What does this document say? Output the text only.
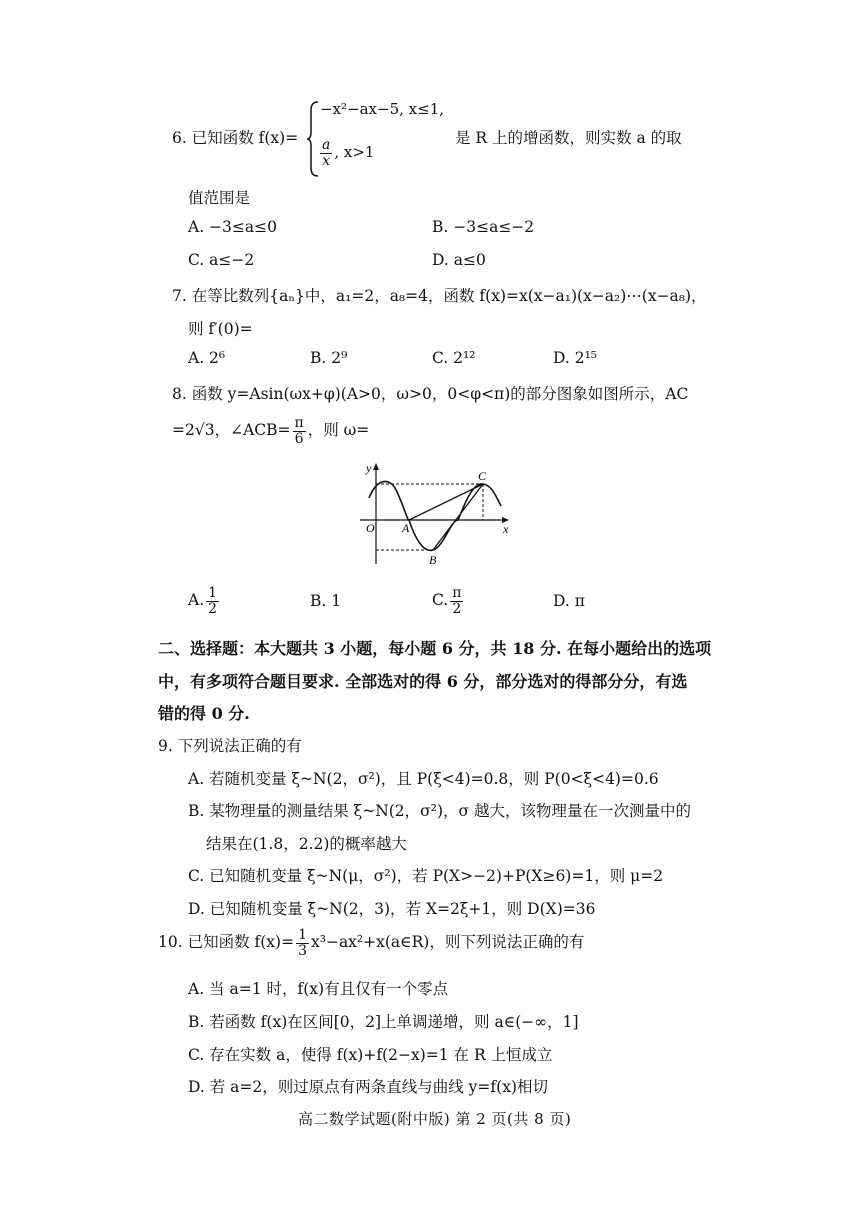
6. 已知函数 f(x)=
−x²−ax−5, x≤1,
$\frac{a}{x}$ , x>1
是 R 上的增函数，则实数 a 的取
值范围是
A. −3≤a≤0	B. −3≤a≤−2
C. a≤−2	D. a≤0
7. 在等比数列{aₙ}中，a₁=2，a₈=4，函数 f(x)=x(x−a₁)(x−a₂)⋯(x−a₈)，
则 f′(0)=
A. 2⁶	B. 2⁹	C. 2¹²	D. 2¹⁵
8. 函数 y=Asin(ωx+φ)(A>0，ω>0，0<φ<π)的部分图象如图所示，AC
=2√3，∠ACB= $\frac{\pi}{6}$ ，则 ω=
y
x
O A
B
C
A. $\frac{1}{2}$	B. 1	C. $\frac{\pi}{2}$	D. π
二、选择题：本大题共 3 小题，每小题 6 分，共 18 分. 在每小题给出的选项
中，有多项符合题目要求. 全部选对的得 6 分，部分选对的得部分分，有选
错的得 0 分.
9. 下列说法正确的有
A. 若随机变量 ξ~N(2，σ²)，且 P(ξ<4)=0.8，则 P(0<ξ<4)=0.6
B. 某物理量的测量结果 ξ~N(2，σ²)，σ 越大，该物理量在一次测量中的
结果在(1.8，2.2)的概率越大
C. 已知随机变量 ξ~N(μ，σ²)，若 P(X>−2)+P(X≥6)=1，则 μ=2
D. 已知随机变量 ξ~N(2，3)，若 X=2ξ+1，则 D(X)=36
10. 已知函数 $f(x)= \frac{1}{3}$ x³−ax²+x(a∈R)，则下列说法正确的有
A. 当 a=1 时，f(x)有且仅有一个零点
B. 若函数 f(x)在区间[0，2]上单调递增，则 a∈(−∞，1]
C. 存在实数 a，使得 f(x)+f(2−x)=1 在 R 上恒成立
D. 若 a=2，则过原点有两条直线与曲线 y=f(x)相切
高二数学试题(附中版) 第 2 页(共 8 页)
